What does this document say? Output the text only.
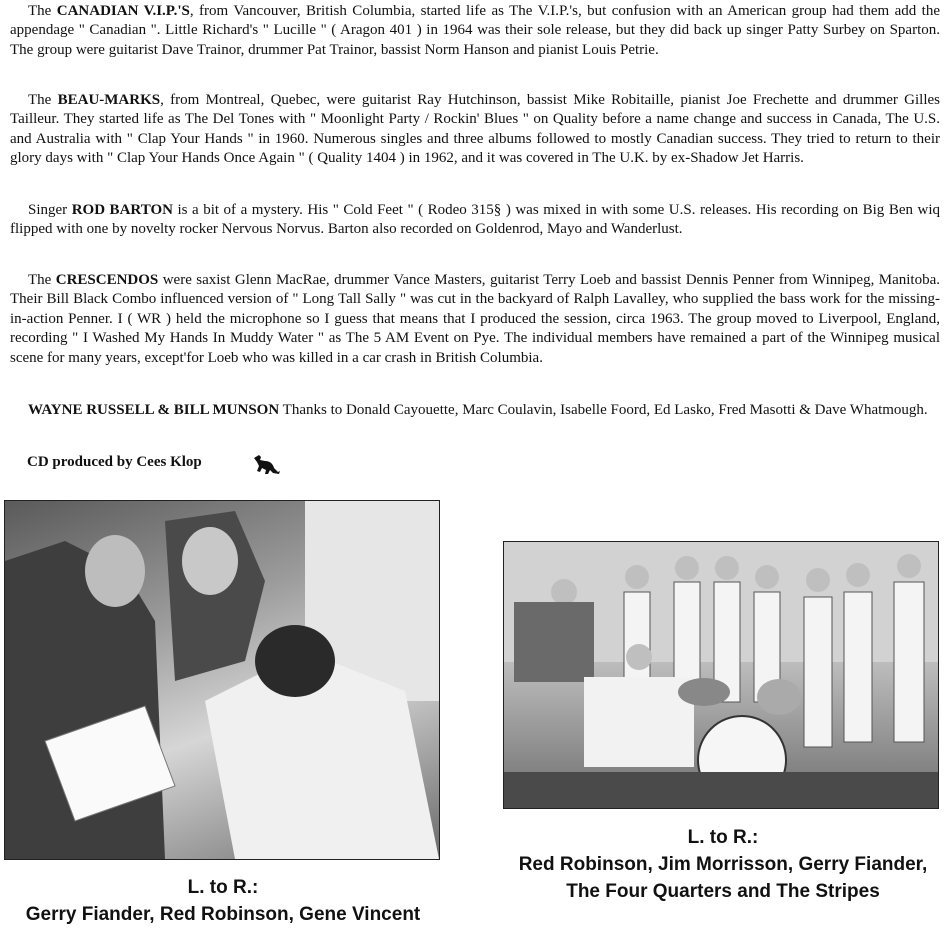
The CANADIAN V.I.P.'S, from Vancouver, British Columbia, started life as The V.I.P.'s, but confusion with an American group had them add the appendage " Canadian ". Little Richard's " Lucille " ( Aragon 401 ) in 1964 was their sole release, but they did back up singer Patty Surbey on Sparton. The group were guitarist Dave Trainor, drummer Pat Trainor, bassist Norm Hanson and pianist Louis Petrie.

The BEAU-MARKS, from Montreal, Quebec, were guitarist Ray Hutchinson, bassist Mike Robitaille, pianist Joe Frechette and drummer Gilles Tailleur. They started life as The Del Tones with " Moonlight Party / Rockin' Blues " on Quality before a name change and success in Canada, The U.S. and Australia with " Clap Your Hands " in 1960. Numerous singles and three albums followed to mostly Canadian success. They tried to return to their glory days with " Clap Your Hands Once Again " ( Quality 1404 ) in 1962, and it was covered in The U.K. by ex-Shadow Jet Harris.

Singer ROD BARTON is a bit of a mystery. His " Cold Feet " ( Rodeo 315§ ) was mixed in with some U.S. releases. His recording on Big Ben wiq flipped with one by novelty rocker Nervous Norvus. Barton also recorded on Goldenrod, Mayo and Wanderlust.

The CRESCENDOS were saxist Glenn MacRae, drummer Vance Masters, guitarist Terry Loeb and bassist Dennis Penner from Winnipeg, Manitoba. Their Bill Black Combo influenced version of " Long Tall Sally " was cut in the backyard of Ralph Lavalley, who supplied the bass work for the missing-in-action Penner. I ( WR ) held the microphone so I guess that means that I produced the session, circa 1963. The group moved to Liverpool, England, recording " I Washed My Hands In Muddy Water " as The 5 AM Event on Pye. The individual members have remained a part of the Winnipeg musical scene for many years, except'for Loeb who was killed in a car crash in British Columbia.

WAYNE RUSSELL & BILL MUNSON Thanks to Donald Cayouette, Marc Coulavin, Isabelle Foord, Ed Lasko, Fred Masotti & Dave Whatmough.

CD produced by Cees Klop
L. to R.:
Gerry Fiander, Red Robinson, Gene Vincent
L. to R.:
Red Robinson, Jim Morrisson, Gerry Fiander,
The Four Quarters and The Stripes
